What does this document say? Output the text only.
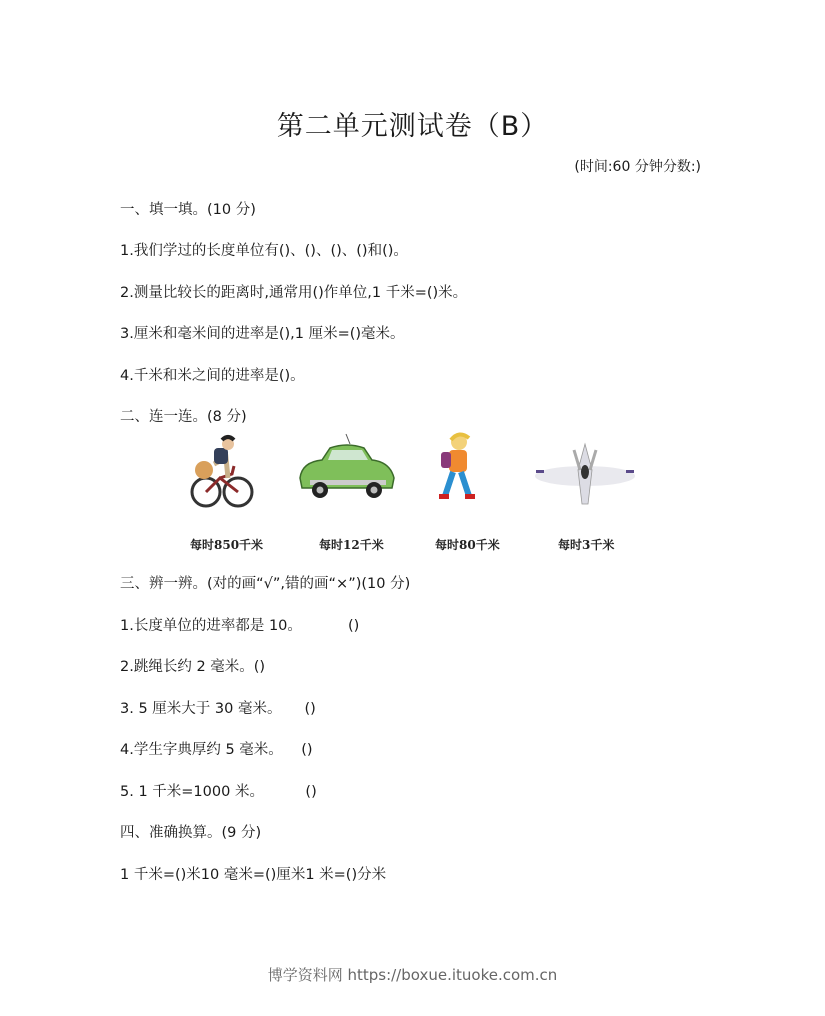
第二单元测试卷（B）
(时间:60 分钟分数:)
一、填一填。(10 分)
1.我们学过的长度单位有()、()、()、()和()。
2.测量比较长的距离时,通常用()作单位,1 千米=()米。
3.厘米和毫米间的进率是(),1 厘米=()毫米。
4.千米和米之间的进率是()。
二、连一连。(8 分)
每时850千米	每时12千米	每时80千米	每时3千米
三、辨一辨。(对的画“√”,错的画“×”)(10 分)
1.长度单位的进率都是 10。          ()
2.跳绳长约 2 毫米。()
3. 5 厘米大于 30 毫米。     ()
4.学生字典厚约 5 毫米。    ()
5. 1 千米=1000 米。         ()
四、准确换算。(9 分)
1 千米=()米10 毫米=()厘米1 米=()分米
博学资料网 https://boxue.ituoke.com.cn
